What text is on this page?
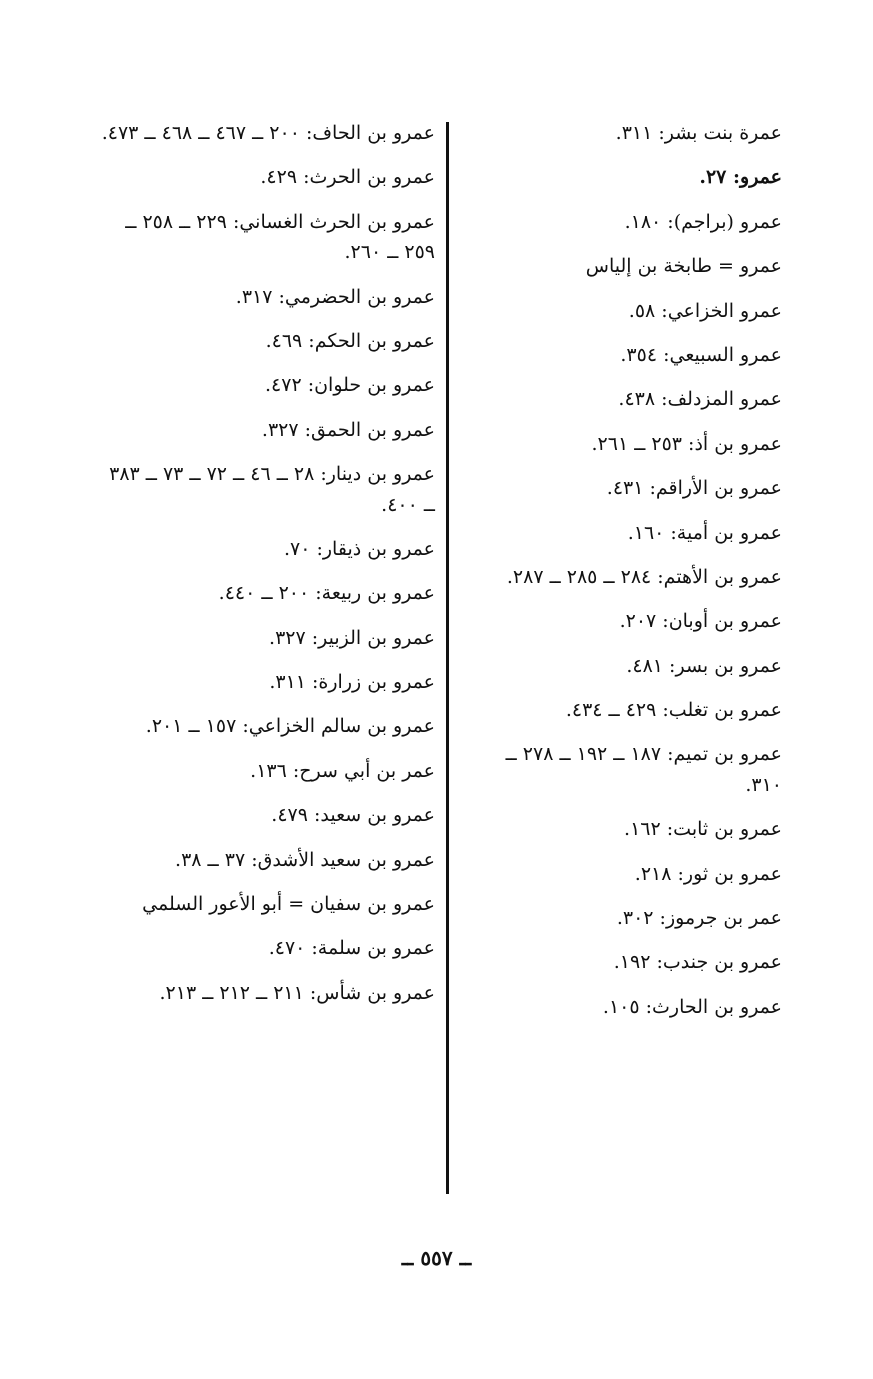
عمرة بنت بشر: ٣١١.
عمرو: ٢٧.
عمرو (براجم): ١٨٠.
عمرو = طابخة بن إلياس
عمرو الخزاعي: ٥٨.
عمرو السبيعي: ٣٥٤.
عمرو المزدلف: ٤٣٨.
عمرو بن أذ: ٢٥٣ ــ ٢٦١.
عمرو بن الأراقم: ٤٣١.
عمرو بن أمية: ١٦٠.
عمرو بن الأهتم: ٢٨٤ ــ ٢٨٥ ــ ٢٨٧.
عمرو بن أوبان: ٢٠٧.
عمرو بن بسر: ٤٨١.
عمرو بن تغلب: ٤٢٩ ــ ٤٣٤.
عمرو بن تميم: ١٨٧ ــ ١٩٢ ــ ٢٧٨ ــ ٣١٠.
عمرو بن ثابت: ١٦٢.
عمرو بن ثور: ٢١٨.
عمر بن جرموز: ٣٠٢.
عمرو بن جندب: ١٩٢.
عمرو بن الحارث: ١٠٥.
عمرو بن الحاف: ٢٠٠ ــ ٤٦٧ ــ ٤٦٨ ــ ٤٧٣.
عمرو بن الحرث: ٤٢٩.
عمرو بن الحرث الغساني: ٢٢٩ ــ ٢٥٨ ــ ٢٥٩ ــ ٢٦٠.
عمرو بن الحضرمي: ٣١٧.
عمرو بن الحكم: ٤٦٩.
عمرو بن حلوان: ٤٧٢.
عمرو بن الحمق: ٣٢٧.
عمرو بن دينار: ٢٨ ــ ٤٦ ــ ٧٢ ــ ٧٣ ــ ٣٨٣ ــ ٤٠٠.
عمرو بن ذيقار: ٧٠.
عمرو بن ربيعة: ٢٠٠ ــ ٤٤٠.
عمرو بن الزبير: ٣٢٧.
عمرو بن زرارة: ٣١١.
عمرو بن سالم الخزاعي: ١٥٧ ــ ٢٠١.
عمر بن أبي سرح: ١٣٦.
عمرو بن سعيد: ٤٧٩.
عمرو بن سعيد الأشدق: ٣٧ ــ ٣٨.
عمرو بن سفيان = أبو الأعور السلمي
عمرو بن سلمة: ٤٧٠.
عمرو بن شأس: ٢١١ ــ ٢١٢ ــ ٢١٣.
ــ ٥٥٧ ــ
